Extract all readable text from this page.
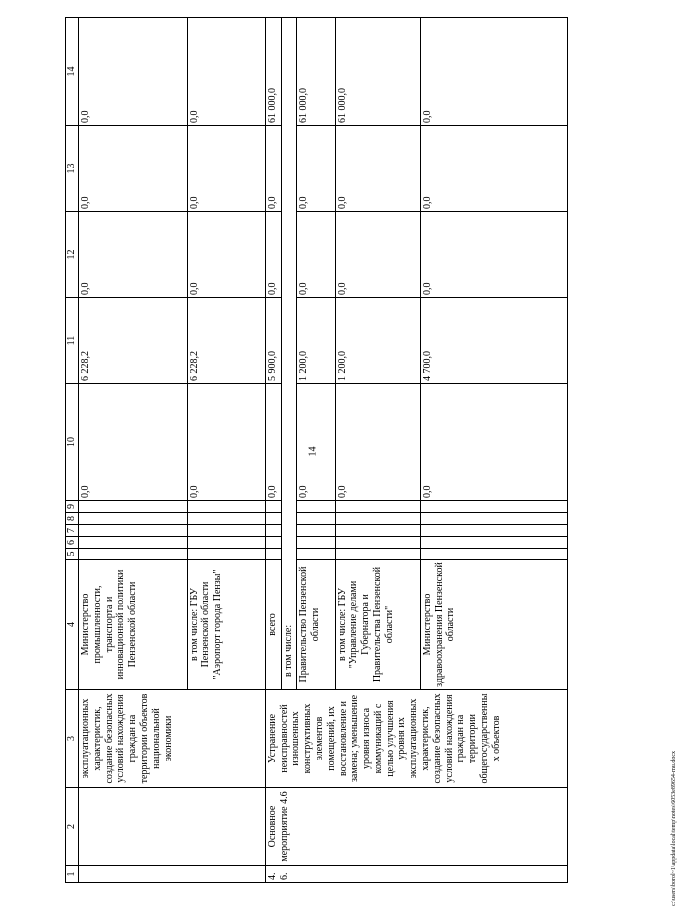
14
1	2	3	4	5	6	7	8	9	10	11	12	13	14
		эксплуатационных характеристик, создание безопасных условий нахождения граждан на территории объектов национальной экономики	Министерство промышленности, транспорта и инновационной политики Пензенской области						0,0	6 228,2	0,0	0,0	0,0
			в том числе: ГБУ Пензенской области "Аэропорт города Пензы"						0,0	6 228,2	0,0	0,0	0,0
4.6.	Основное мероприятие 4.6	Устранение неисправностей изношенных конструктивных элементов помещений, их восстановление и замена; уменьшение уровня износа коммуникаций с целью улучшения уровня их эксплуатационных характеристик, создание безопасных условий нахождения граждан на территории общегосударственных объектов	всего						0,0	5 900,0	0,0	0,0	61 000,0
			в том числе:										
			Правительство Пензенской области						0,0	1 200,0	0,0	0,0	61 000,0
			в том числе: ГБУ "Управление делами Губернатора и Правительства Пензенской области"						0,0	1 200,0	0,0	0,0	61 000,0
			Министерство здравоохранения Пензенской области						0,0	4 700,0	0,0	0,0	0,0
c:\users\borol~1\appdata\local\temp\notes\6053e89654-rnu.docx
